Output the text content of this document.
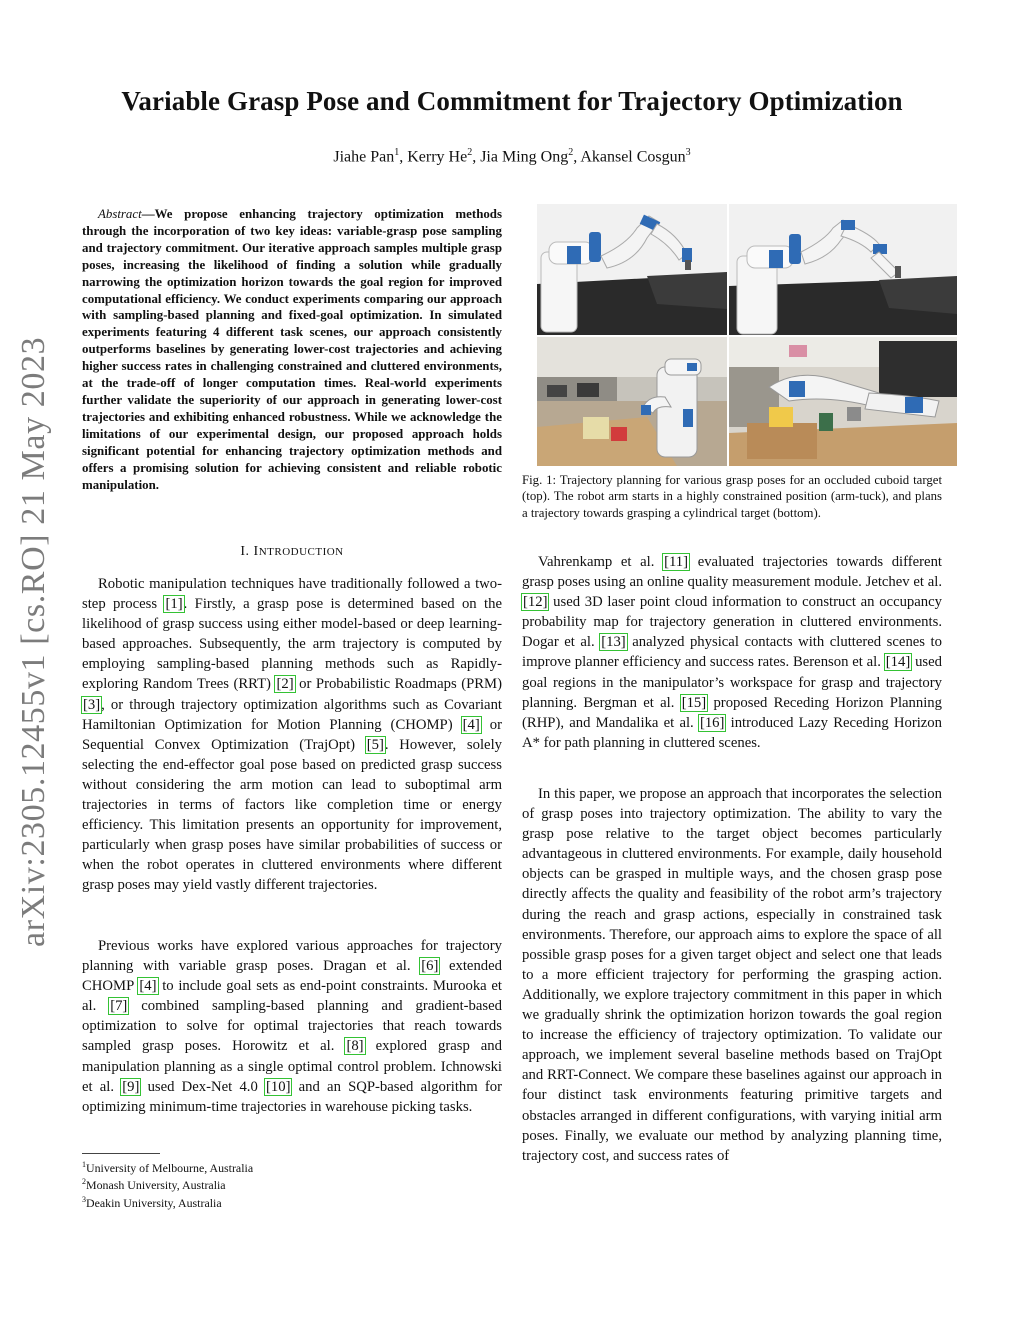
arXiv:2305.12455v1 [cs.RO] 21 May 2023
Variable Grasp Pose and Commitment for Trajectory Optimization
Jiahe Pan$^1$, Kerry He$^2$, Jia Ming Ong$^2$, Akansel Cosgun$^3$

Abstract—We propose enhancing trajectory optimization methods through the incorporation of two key ideas: variable-grasp pose sampling and trajectory commitment. Our iterative approach samples multiple grasp poses, increasing the likelihood of finding a solution while gradually narrowing the optimization horizon towards the goal region for improved computational efficiency. We conduct experiments comparing our approach with sampling-based planning and fixed-goal optimization. In simulated experiments featuring 4 different task scenes, our approach consistently outperforms baselines by generating lower-cost trajectories and achieving higher success rates in challenging constrained and cluttered environments, at the trade-off of longer computation times. Real-world experiments further validate the superiority of our approach in generating lower-cost trajectories and exhibiting enhanced robustness. While we acknowledge the limitations of our experimental design, our proposed approach holds significant potential for enhancing trajectory optimization methods and offers a promising solution for achieving consistent and reliable robotic manipulation.

I. INTRODUCTION

Robotic manipulation techniques have traditionally followed a two-step process [1]. Firstly, a grasp pose is determined based on the likelihood of grasp success using either model-based or deep learning-based approaches. Subsequently, the arm trajectory is computed by employing sampling-based planning methods such as Rapidly-exploring Random Trees (RRT) [2] or Probabilistic Roadmaps (PRM) [3], or through trajectory optimization algorithms such as Covariant Hamiltonian Optimization for Motion Planning (CHOMP) [4] or Sequential Convex Optimization (TrajOpt) [5]. However, solely selecting the end-effector goal pose based on predicted grasp success without considering the arm motion can lead to suboptimal arm trajectories in terms of factors like completion time or energy efficiency. This limitation presents an opportunity for improvement, particularly when grasp poses have similar probabilities of success or when the robot operates in cluttered environments where different grasp poses may yield vastly different trajectories.

Previous works have explored various approaches for trajectory planning with variable grasp poses. Dragan et al. [6] extended CHOMP [4] to include goal sets as end-point constraints. Murooka et al. [7] combined sampling-based planning and gradient-based optimization to solve for optimal trajectories that reach towards sampled grasp poses. Horowitz et al. [8] explored grasp and manipulation planning as a single optimal control problem. Ichnowski et al. [9] used Dex-Net 4.0 [10] and an SQP-based algorithm for optimizing minimum-time trajectories in warehouse picking tasks.

$^1$University of Melbourne, Australia
$^2$Monash University, Australia
$^3$Deakin University, Australia
Fig. 1: Trajectory planning for various grasp poses for an occluded cuboid target (top). The robot arm starts in a highly constrained position (arm-tuck), and plans a trajectory towards grasping a cylindrical target (bottom).

Vahrenkamp et al. [11] evaluated trajectories towards different grasp poses using an online quality measurement module. Jetchev et al. [12] used 3D laser point cloud information to construct an occupancy probability map for trajectory generation in cluttered environments. Dogar et al. [13] analyzed physical contacts with cluttered scenes to improve planner efficiency and success rates. Berenson et al. [14] used goal regions in the manipulator’s workspace for grasp and trajectory planning. Bergman et al. [15] proposed Receding Horizon Planning (RHP), and Mandalika et al. [16] introduced Lazy Receding Horizon A* for path planning in cluttered scenes.

In this paper, we propose an approach that incorporates the selection of grasp poses into trajectory optimization. The ability to vary the grasp pose relative to the target object becomes particularly advantageous in cluttered environments. For example, daily household objects can be grasped in multiple ways, and the chosen grasp pose directly affects the quality and feasibility of the robot arm’s trajectory during the reach and grasp actions, especially in constrained task environments. Therefore, our approach aims to explore the space of all possible grasp poses for a given target object and select one that leads to a more efficient trajectory for performing the grasping action. Additionally, we explore trajectory commitment in this paper in which we gradually shrink the optimization horizon towards the goal region to increase the efficiency of trajectory optimization. To validate our approach, we implement several baseline methods based on TrajOpt and RRT-Connect. We compare these baselines against our approach in four distinct task environments featuring primitive targets and obstacles arranged in different configurations, with varying initial arm poses. Finally, we evaluate our method by analyzing planning time, trajectory cost, and success rates of
